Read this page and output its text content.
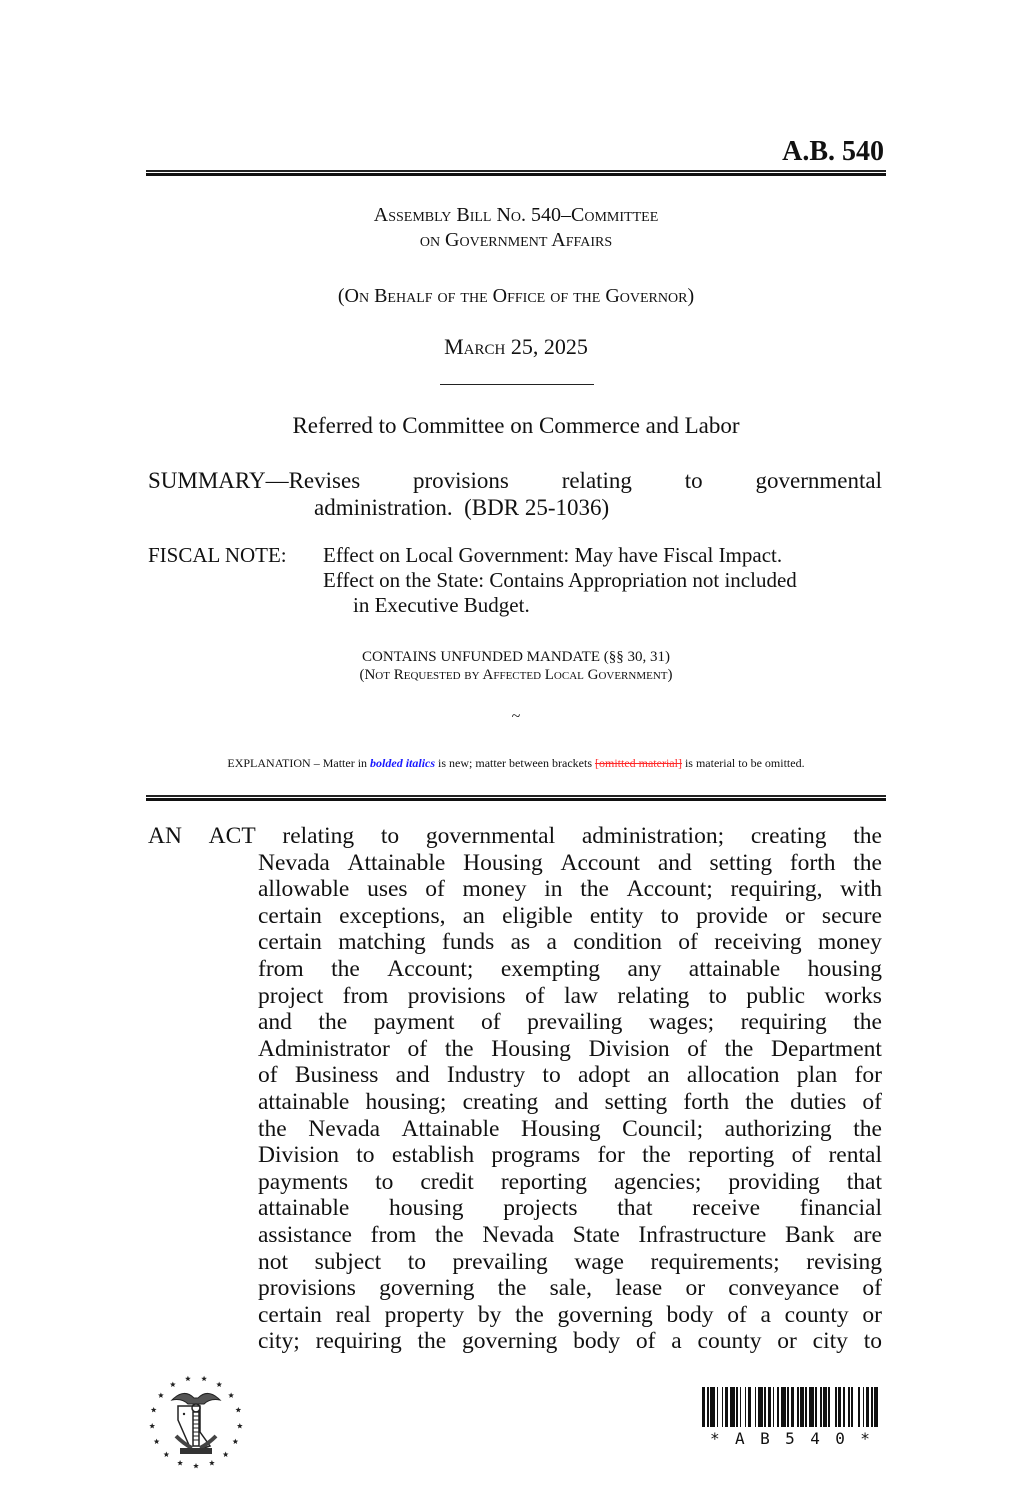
A.B. 540
Assembly Bill No. 540–Committee
on Government Affairs
(On Behalf of the Office of the Governor)
March 25, 2025
Referred to Committee on Commerce and Labor
SUMMARY—Revises provisions relating to governmental
administration.  (BDR 25-1036)
FISCAL NOTE: Effect on Local Government: May have Fiscal Impact.
Effect on the State: Contains Appropriation not included
in Executive Budget.
CONTAINS UNFUNDED MANDATE (§§ 30, 31)
(Not Requested by Affected Local Government)
~
EXPLANATION – Matter in bolded italics is new; matter between brackets [omitted material] is material to be omitted.
AN ACT relating to governmental administration; creating the
Nevada Attainable Housing Account and setting forth the
allowable uses of money in the Account; requiring, with
certain exceptions, an eligible entity to provide or secure
certain matching funds as a condition of receiving money
from the Account; exempting any attainable housing
project from provisions of law relating to public works
and the payment of prevailing wages; requiring the
Administrator of the Housing Division of the Department
of Business and Industry to adopt an allocation plan for
attainable housing; creating and setting forth the duties of
the Nevada Attainable Housing Council; authorizing the
Division to establish programs for the reporting of rental
payments to credit reporting agencies; providing that
attainable housing projects that receive financial
assistance from the Nevada State Infrastructure Bank are
not subject to prevailing wage requirements; revising
provisions governing the sale, lease or conveyance of
certain real property by the governing body of a county or
city; requiring the governing body of a county or city to
* A B 5 4 0 *
